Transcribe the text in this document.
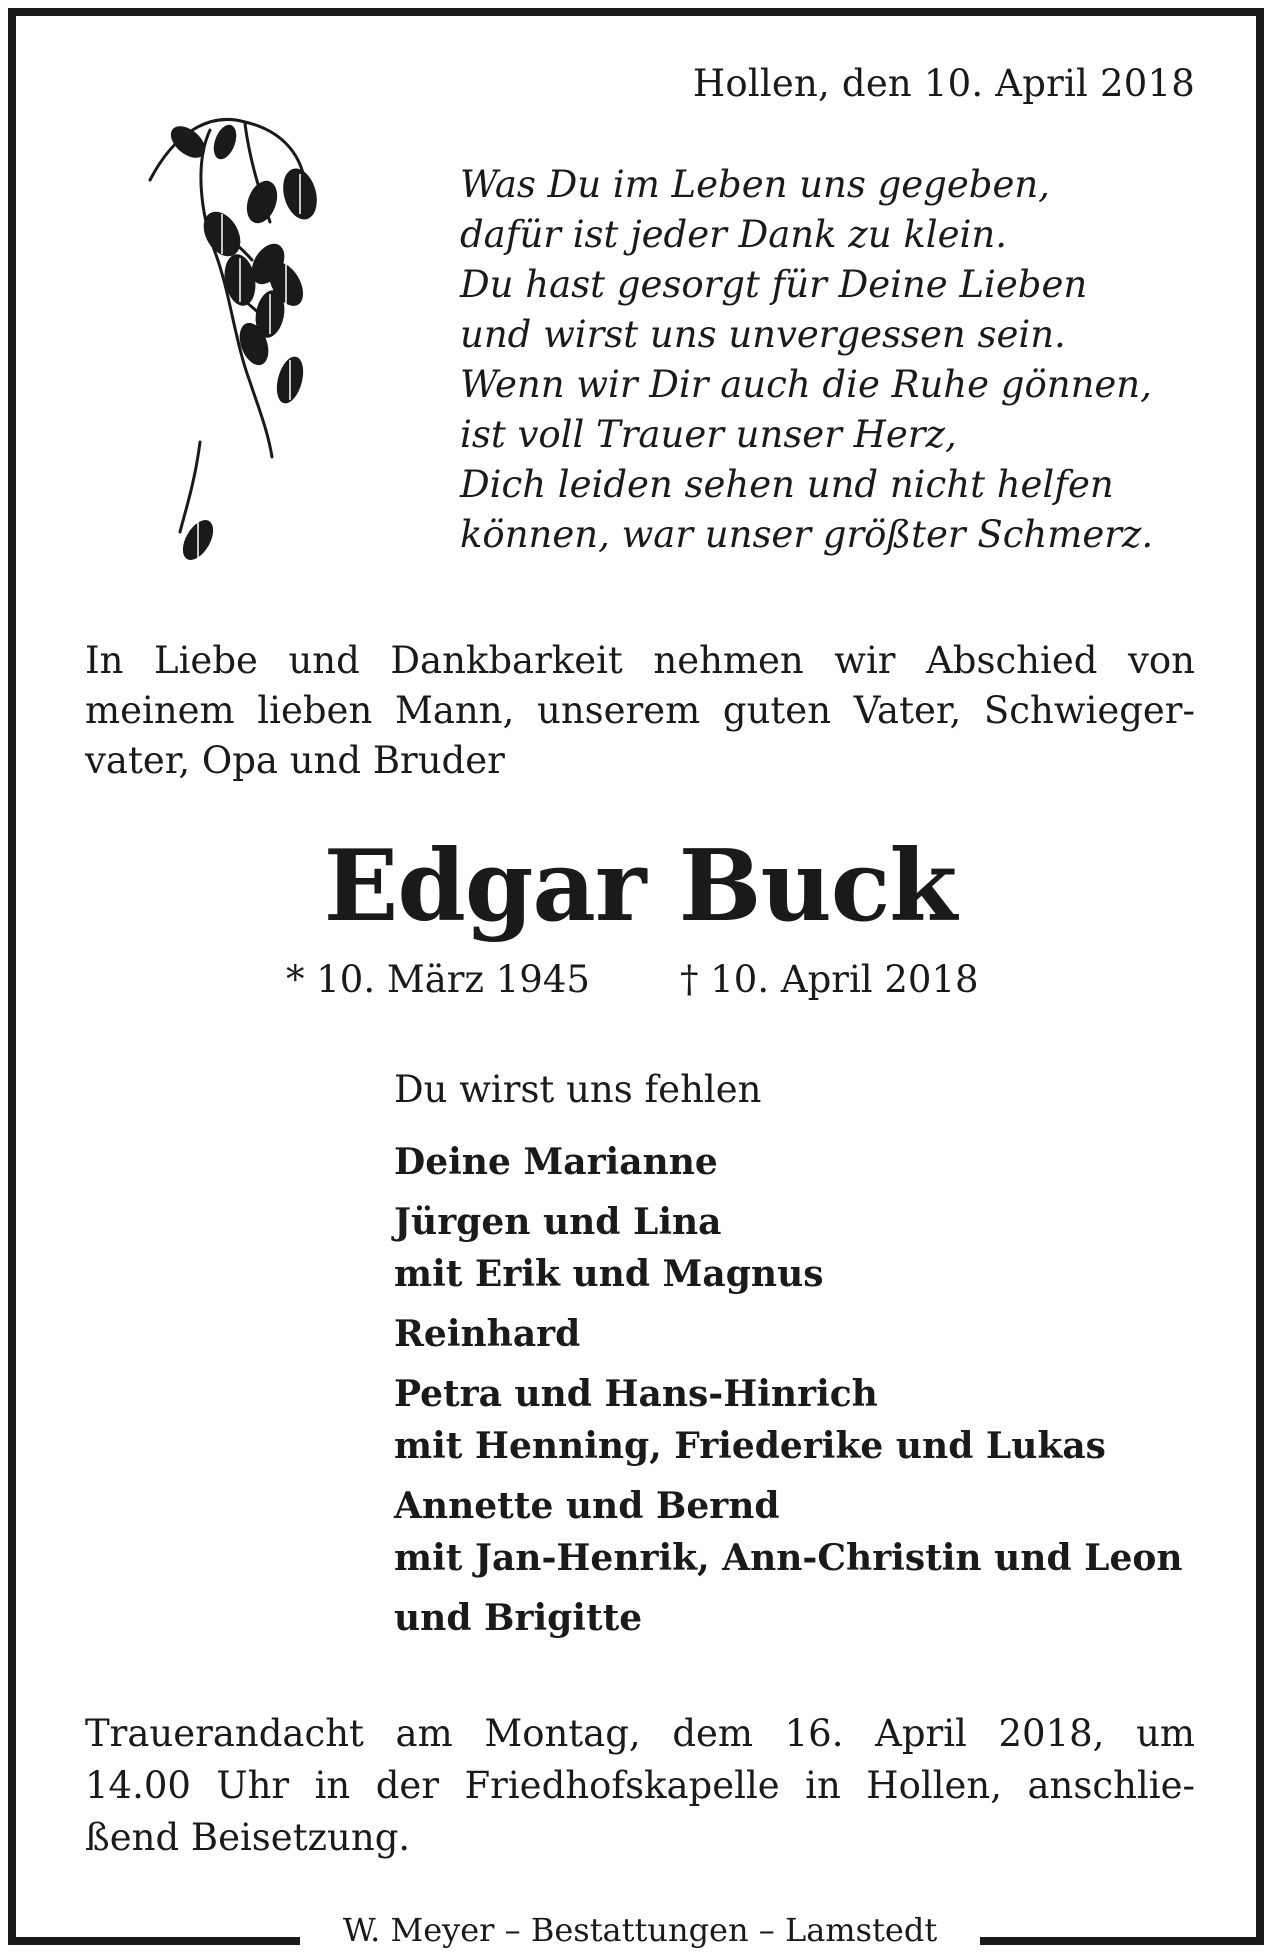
Hollen, den 10. April 2018
Was Du im Leben uns gegeben,
dafür ist jeder Dank zu klein.
Du hast gesorgt für Deine Lieben
und wirst uns unvergessen sein.
Wenn wir Dir auch die Ruhe gönnen,
ist voll Trauer unser Herz,
Dich leiden sehen und nicht helfen
können, war unser größter Schmerz.
In Liebe und Dankbarkeit nehmen wir Abschied von
meinem lieben Mann, unserem guten Vater, Schwieger-
vater, Opa und Bruder
Edgar Buck
* 10. März 1945 † 10. April 2018
Du wirst uns fehlen
Deine Marianne
Jürgen und Lina
mit Erik und Magnus
Reinhard
Petra und Hans-Hinrich
mit Henning, Friederike und Lukas
Annette und Bernd
mit Jan-Henrik, Ann-Christin und Leon
und Brigitte
Trauerandacht am Montag, dem 16. April 2018, um
14.00 Uhr in der Friedhofskapelle in Hollen, anschlie-
ßend Beisetzung.
W. Meyer – Bestattungen – Lamstedt
